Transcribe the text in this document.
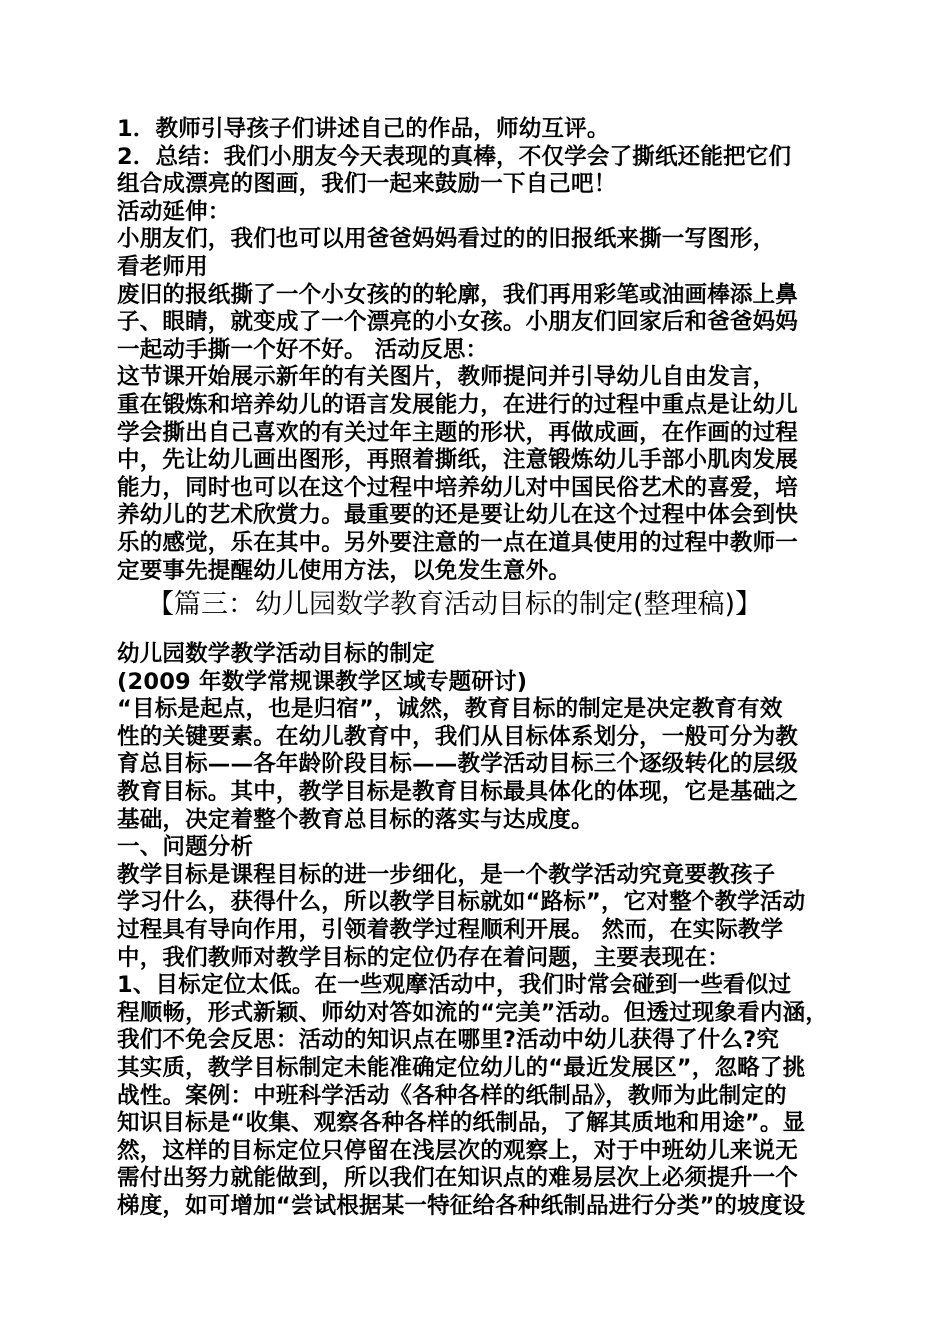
1．教师引导孩子们讲述自己的作品，师幼互评。
2．总结：我们小朋友今天表现的真棒，不仅学会了撕纸还能把它们
组合成漂亮的图画，我们一起来鼓励一下自己吧！
活动延伸：
小朋友们，我们也可以用爸爸妈妈看过的的旧报纸来撕一写图形，
看老师用
废旧的报纸撕了一个小女孩的的轮廓，我们再用彩笔或油画棒添上鼻
子、眼睛，就变成了一个漂亮的小女孩。小朋友们回家后和爸爸妈妈
一起动手撕一个好不好。 活动反思：
这节课开始展示新年的有关图片，教师提问并引导幼儿自由发言，
重在锻炼和培养幼儿的语言发展能力，在进行的过程中重点是让幼儿
学会撕出自己喜欢的有关过年主题的形状，再做成画，在作画的过程
中，先让幼儿画出图形，再照着撕纸，注意锻炼幼儿手部小肌肉发展
能力，同时也可以在这个过程中培养幼儿对中国民俗艺术的喜爱，培
养幼儿的艺术欣赏力。最重要的还是要让幼儿在这个过程中体会到快
乐的感觉，乐在其中。另外要注意的一点在道具使用的过程中教师一
定要事先提醒幼儿使用方法，以免发生意外。
【篇三：幼儿园数学教育活动目标的制定(整理稿)】
幼儿园数学教学活动目标的制定
(2009 年数学常规课教学区域专题研讨)
“目标是起点，也是归宿”，诚然，教育目标的制定是决定教育有效
性的关键要素。在幼儿教育中，我们从目标体系划分，一般可分为教
育总目标——各年龄阶段目标——教学活动目标三个逐级转化的层级
教育目标。其中，教学目标是教育目标最具体化的体现，它是基础之
基础，决定着整个教育总目标的落实与达成度。
一、问题分析
教学目标是课程目标的进一步细化，是一个教学活动究竟要教孩子
学习什么，获得什么，所以教学目标就如“路标”，它对整个教学活动
过程具有导向作用，引领着教学过程顺利开展。 然而，在实际教学
中，我们教师对教学目标的定位仍存在着问题，主要表现在：
1、目标定位太低。在一些观摩活动中，我们时常会碰到一些看似过
程顺畅，形式新颖、师幼对答如流的“完美”活动。但透过现象看内涵，
我们不免会反思：活动的知识点在哪里?活动中幼儿获得了什么?究
其实质，教学目标制定未能准确定位幼儿的“最近发展区”，忽略了挑
战性。案例：中班科学活动《各种各样的纸制品》，教师为此制定的
知识目标是“收集、观察各种各样的纸制品，了解其质地和用途”。显
然，这样的目标定位只停留在浅层次的观察上，对于中班幼儿来说无
需付出努力就能做到，所以我们在知识点的难易层次上必须提升一个
梯度，如可增加“尝试根据某一特征给各种纸制品进行分类”的坡度设
